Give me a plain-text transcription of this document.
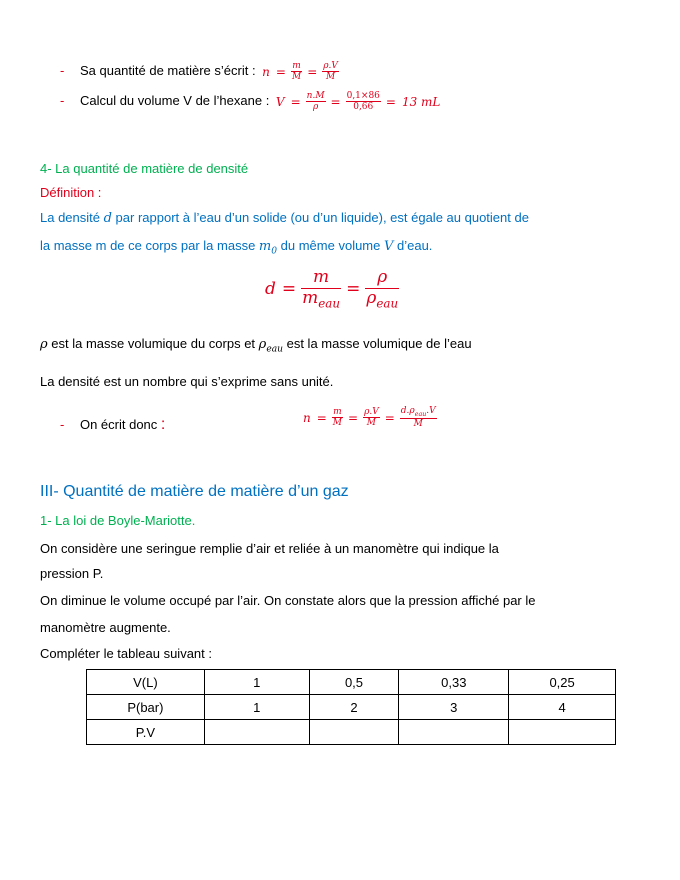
- Sa quantité de matière s’écrit : $n = \frac{m}{M} = \frac{\rho.V}{M}$
- Calcul du volume V de l’hexane : $V = \frac{n.M}{\rho} = \frac{0,1\times 86}{0,66} = 13$ mL
4- La quantité de matière de densité
Définition :
La densité d par rapport à l’eau d’un solide (ou d’un liquide), est égale au quotient de
la masse m de ce corps par la masse $m_0$ du même volume V d’eau.
$d = \frac{m}{m_{eau}} = \frac{\rho}{\rho_{eau}}$
ρ est la masse volumique du corps et $\rho_{eau}$ est la masse volumique de l’eau
La densité est un nombre qui s’exprime sans unité.
- On écrit donc :	$n = \frac{m}{M} = \frac{\rho.V}{M} = \frac{d.\rho_{eau}.V}{M}$
III- Quantité de matière de matière d’un gaz
1- La loi de Boyle-Mariotte.
On considère une seringue remplie d’air et reliée à un manomètre qui indique la
pression P.
On diminue le volume occupé par l’air. On constate alors que la pression affiché par le
manomètre augmente.
Compléter le tableau suivant :
V(L)	1	0,5	0,33	0,25
P(bar)	1	2	3	4
P.V				
